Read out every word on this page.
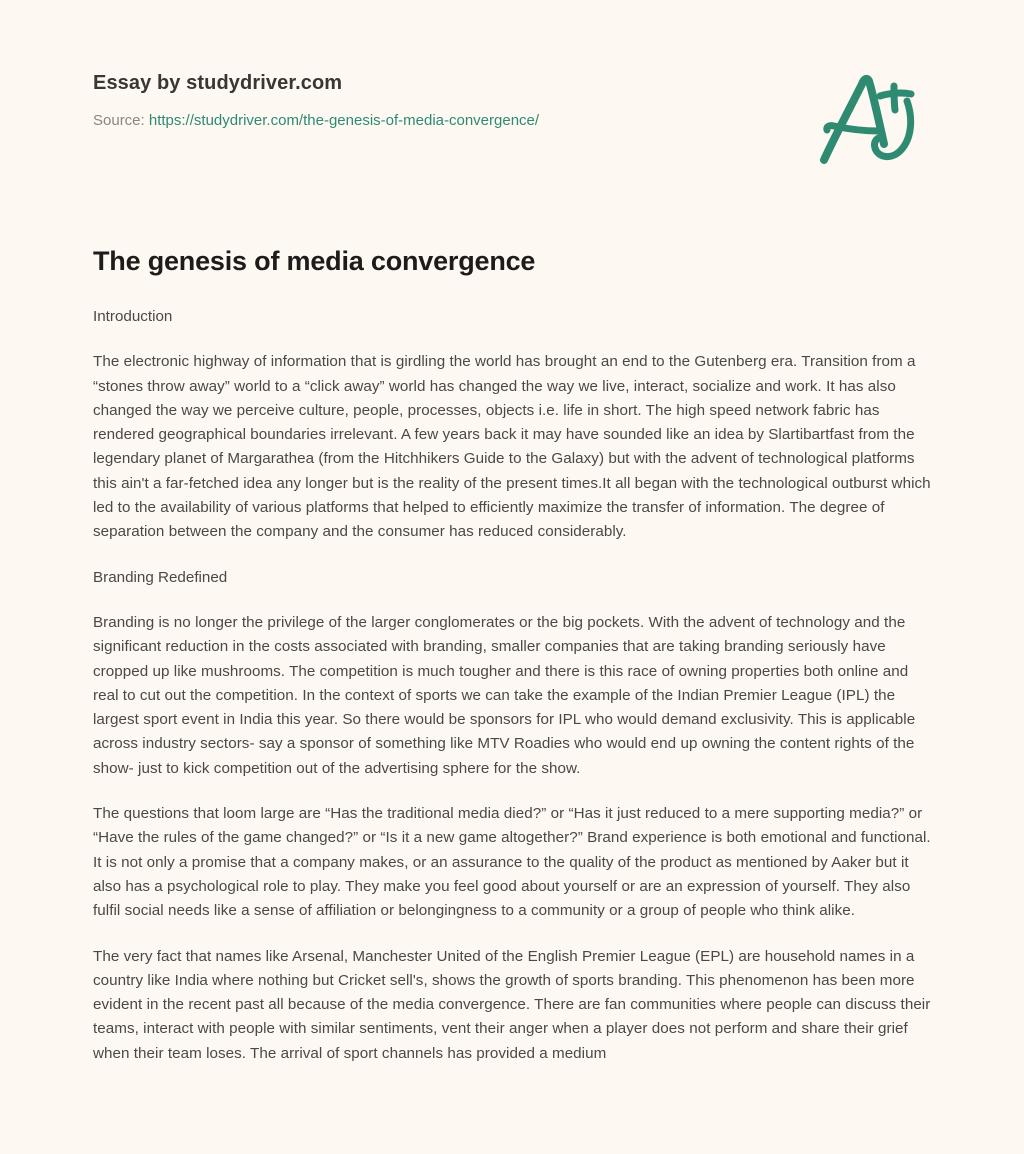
Essay by studydriver.com
Source: https://studydriver.com/the-genesis-of-media-convergence/
The genesis of media convergence
Introduction

The electronic highway of information that is girdling the world has brought an end to the Gutenberg era. Transition from a “stones throw away” world to a “click away” world has changed the way we live, interact, socialize and work. It has also changed the way we perceive culture, people, processes, objects i.e. life in short. The high speed network fabric has rendered geographical boundaries irrelevant. A few years back it may have sounded like an idea by Slartibartfast from the legendary planet of Margarathea (from the Hitchhikers Guide to the Galaxy) but with the advent of technological platforms this ain't a far-fetched idea any longer but is the reality of the present times.It all began with the technological outburst which led to the availability of various platforms that helped to efficiently maximize the transfer of information. The degree of separation between the company and the consumer has reduced considerably.

Branding Redefined

Branding is no longer the privilege of the larger conglomerates or the big pockets. With the advent of technology and the significant reduction in the costs associated with branding, smaller companies that are taking branding seriously have cropped up like mushrooms. The competition is much tougher and there is this race of owning properties both online and real to cut out the competition. In the context of sports we can take the example of the Indian Premier League (IPL) the largest sport event in India this year. So there would be sponsors for IPL who would demand exclusivity. This is applicable across industry sectors- say a sponsor of something like MTV Roadies who would end up owning the content rights of the show- just to kick competition out of the advertising sphere for the show.

The questions that loom large are “Has the traditional media died?” or “Has it just reduced to a mere supporting media?” or “Have the rules of the game changed?” or “Is it a new game altogether?” Brand experience is both emotional and functional. It is not only a promise that a company makes, or an assurance to the quality of the product as mentioned by Aaker but it also has a psychological role to play. They make you feel good about yourself or are an expression of yourself. They also fulfil social needs like a sense of affiliation or belongingness to a community or a group of people who think alike.

The very fact that names like Arsenal, Manchester United of the English Premier League (EPL) are household names in a country like India where nothing but Cricket sell's, shows the growth of sports branding. This phenomenon has been more evident in the recent past all because of the media convergence. There are fan communities where people can discuss their teams, interact with people with similar sentiments, vent their anger when a player does not perform and share their grief when their team loses. The arrival of sport channels has provided a medium
